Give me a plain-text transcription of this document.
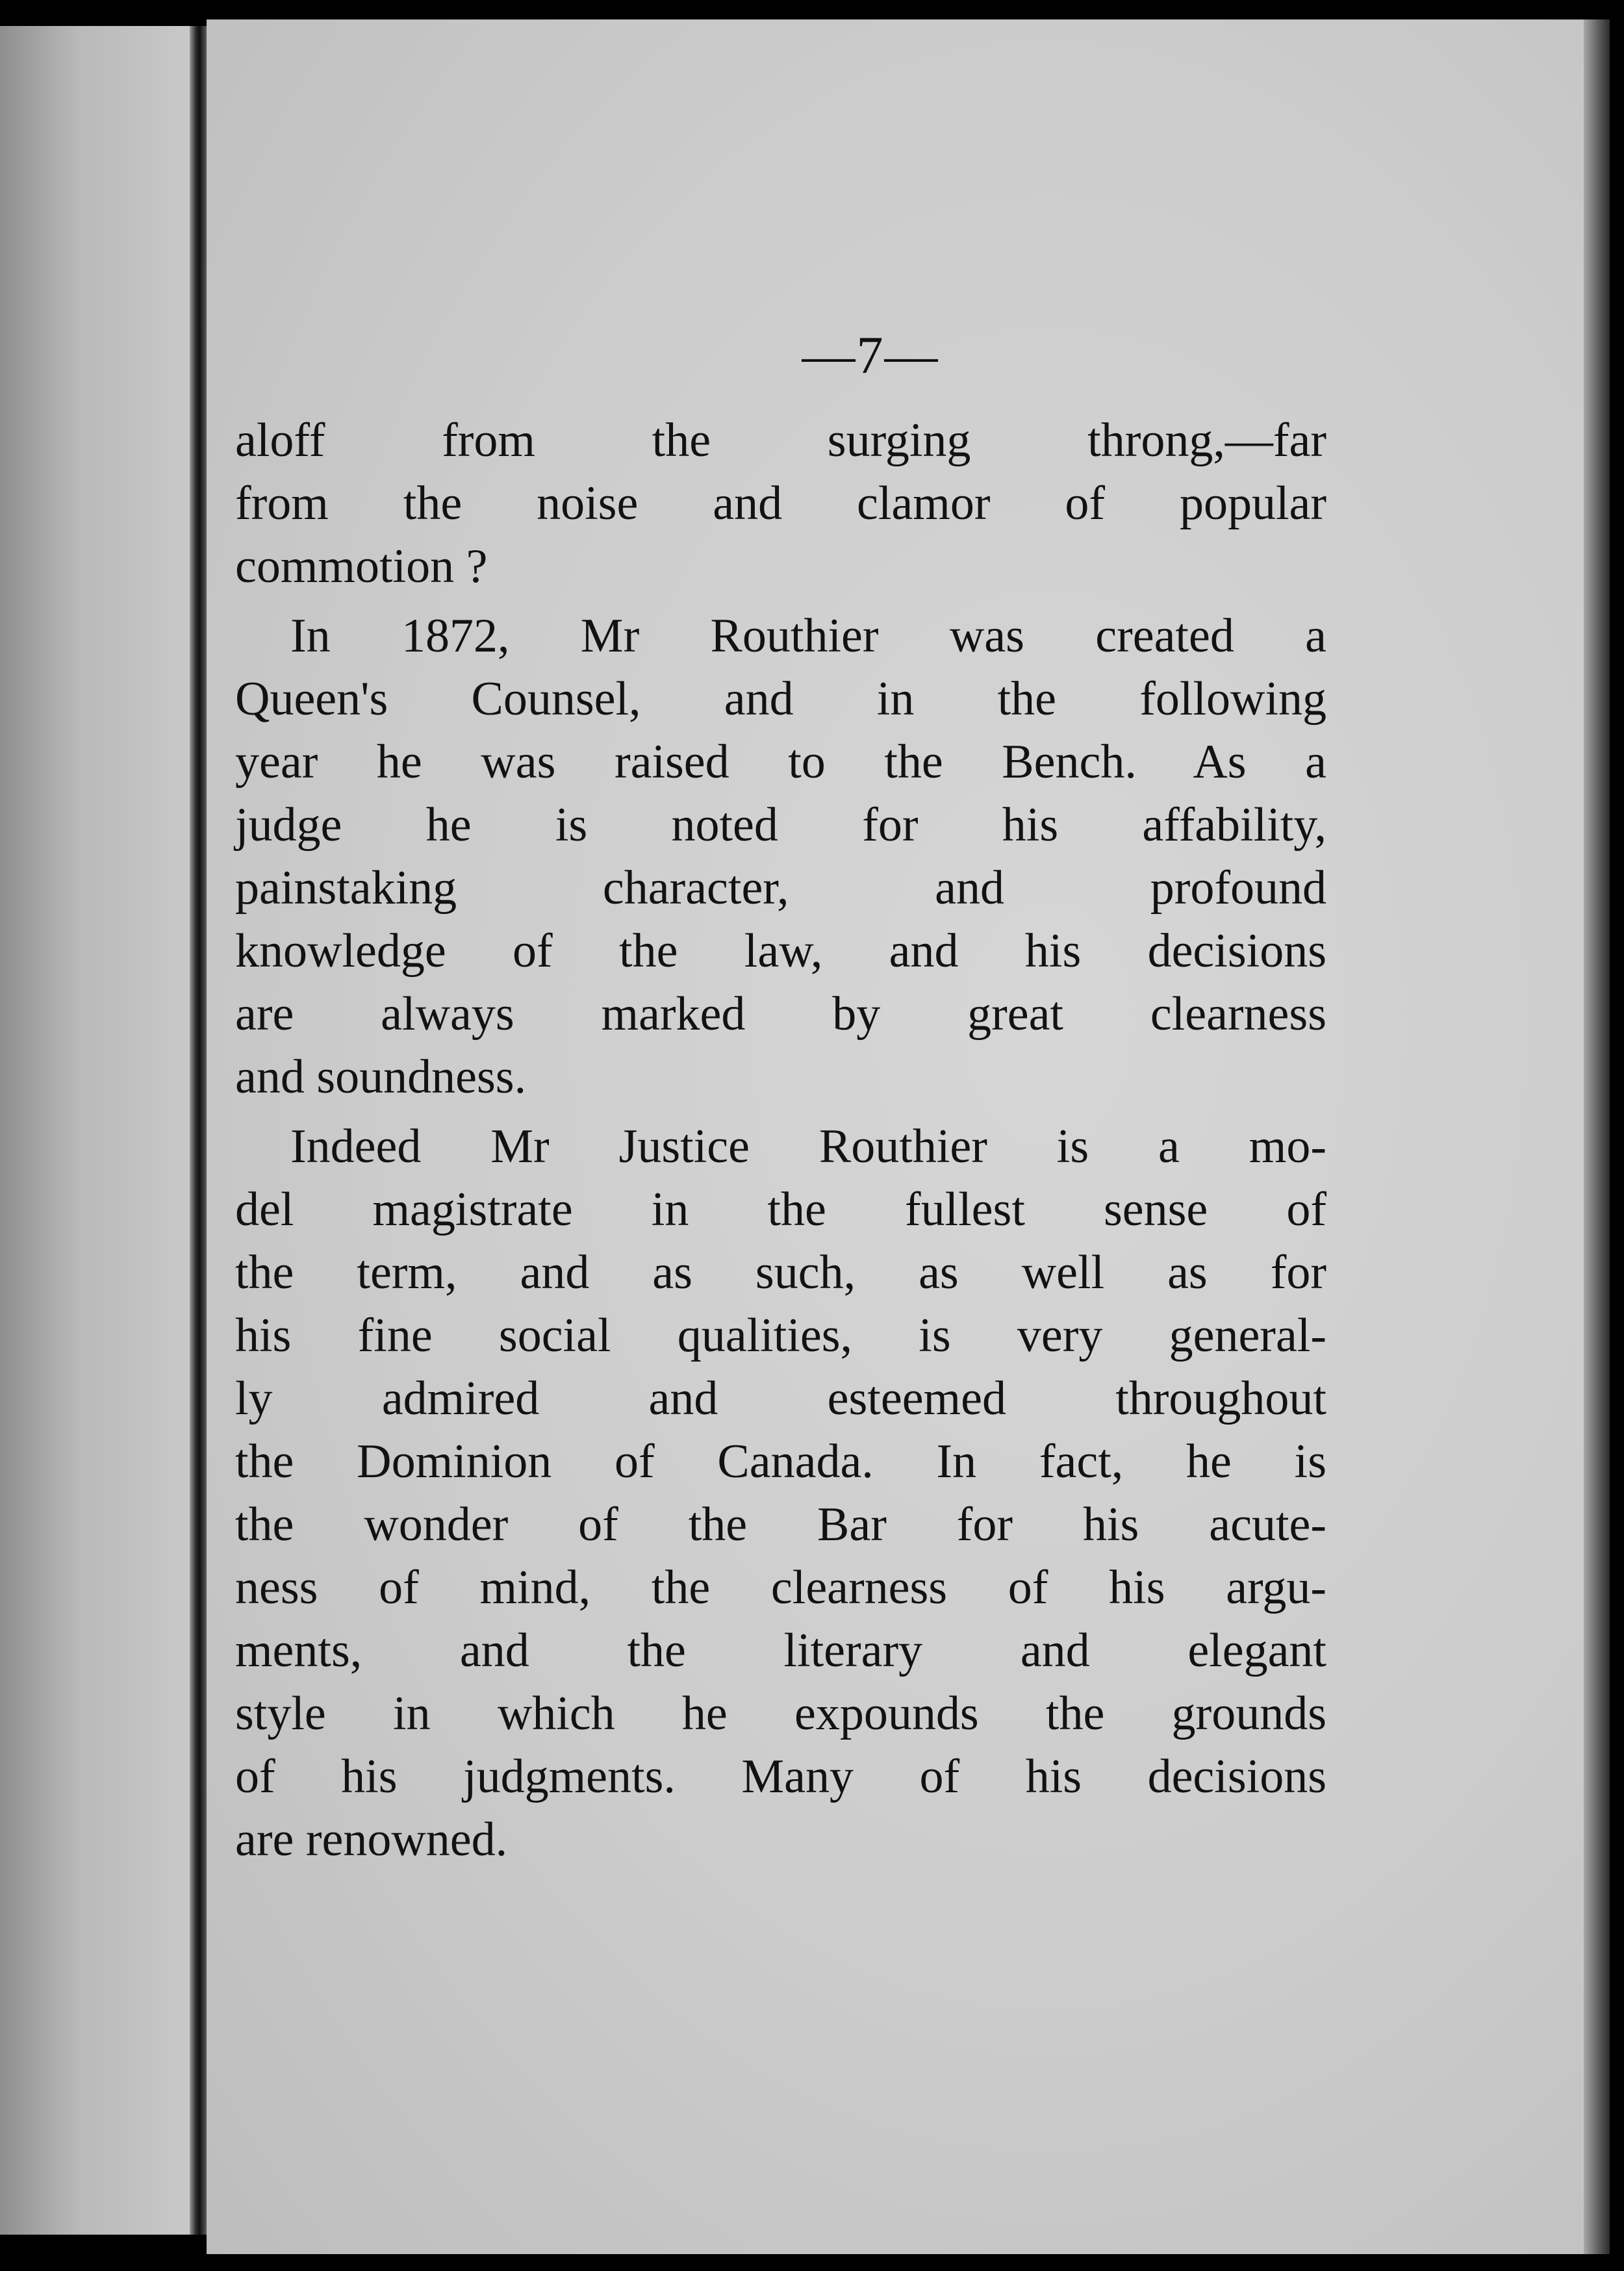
—7—
aloff from the surging throng,—far
from the noise and clamor of popular
commotion ?
In 1872, Mr Routhier was created a
Queen's Counsel, and in the following
year he was raised to the Bench. As a
judge he is noted for his affability,
painstaking character, and profound
knowledge of the law, and his decisions
are always marked by great clearness
and soundness.
Indeed Mr Justice Routhier is a mo-
del magistrate in the fullest sense of
the term, and as such, as well as for
his fine social qualities, is very general-
ly admired and esteemed throughout
the Dominion of Canada. In fact, he is
the wonder of the Bar for his acute-
ness of mind, the clearness of his argu-
ments, and the literary and elegant
style in which he expounds the grounds
of his judgments. Many of his decisions
are renowned.
